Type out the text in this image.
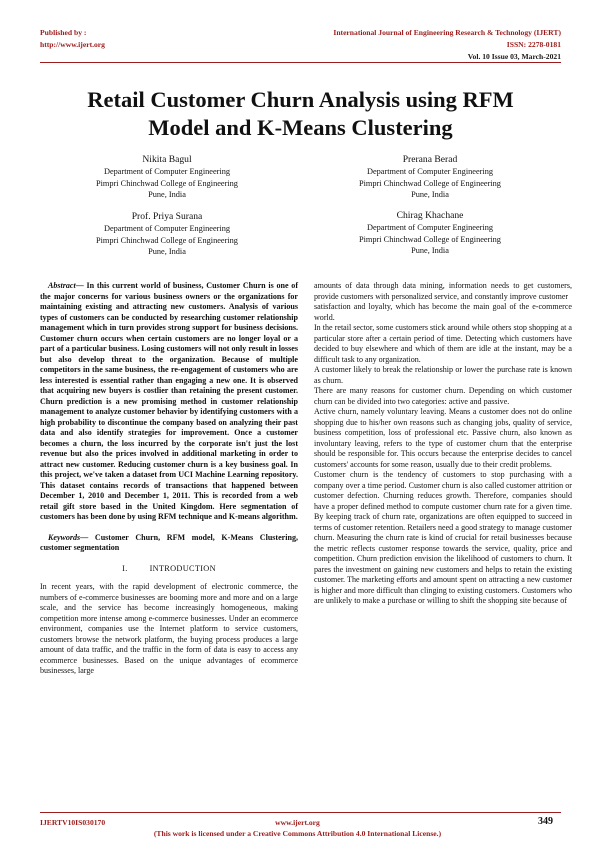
Published by :
http://www.ijert.org
International Journal of Engineering Research & Technology (IJERT)
ISSN: 2278-0181
Vol. 10 Issue 03, March-2021
Retail Customer Churn Analysis using RFM
Model and K-Means Clustering
Nikita Bagul
Department of Computer Engineering
Pimpri Chinchwad College of Engineering
Pune, India
Prof. Priya Surana
Department of Computer Engineering
Pimpri Chinchwad College of Engineering
Pune, India
Prerana Berad
Department of Computer Engineering
Pimpri Chinchwad College of Engineering
Pune, India
Chirag Khachane
Department of Computer Engineering
Pimpri Chinchwad College of Engineering
Pune, India

Abstract— In this current world of business, Customer Churn is one of the major concerns for various business owners or the organizations for maintaining existing and attracting new customers. Analysis of various types of customers can be conducted by researching customer relationship management which in turn provides strong support for business decisions. Customer churn occurs when certain customers are no longer loyal or a part of a particular business. Losing customers will not only result in losses but also develop threat to the organization. Because of multiple competitors in the same business, the re-engagement of customers who are less interested is essential rather than engaging a new one. It is observed that acquiring new buyers is costlier than retaining the present customer. Churn prediction is a new promising method in customer relationship management to analyze customer behavior by identifying customers with a high probability to discontinue the company based on analyzing their past data and also identify strategies for improvement. Once a customer becomes a churn, the loss incurred by the corporate isn't just the lost revenue but also the prices involved in additional marketing in order to attract new customer. Reducing customer churn is a key business goal. In this project, we've taken a dataset from UCI Machine Learning repository. This dataset contains records of transactions that happened between December 1, 2010 and December 1, 2011. This is recorded from a web retail gift store based in the United Kingdom. Here segmentation of customers has been done by using RFM technique and K-means algorithm.

Keywords— Customer Churn, RFM model, K-Means Clustering, customer segmentation

I.	INTRODUCTION

In recent years, with the rapid development of electronic commerce, the numbers of e-commerce businesses are booming more and more and on a large scale, and the service has become increasingly homogeneous, making competition more intense among e-commerce businesses. Under an ecommerce environment, companies use the Internet platform to service customers, customers browse the network platform, the buying process produces a large amount of data traffic, and the traffic in the form of data is easy to access any ecommerce businesses. Based on the unique advantages of ecommerce businesses, large

amounts of data through data mining, information needs to get customers, provide customers with personalized service, and constantly improve customer

satisfaction and loyalty, which has become the main goal of the e-commerce world.

In the retail sector, some customers stick around while others stop shopping at a particular store after a certain period of time. Detecting which customers have decided to buy elsewhere and which of them are idle at the instant, may be a difficult task to any organization.

A customer likely to break the relationship or lower the purchase rate is known as churn.

There are many reasons for customer churn. Depending on which customer churn can be divided into two categories: active and passive.

Active churn, namely voluntary leaving. Means a customer does not do online shopping due to his/her own reasons such as changing jobs, quality of service, business competition, loss of professional etc. Passive churn, also known as involuntary leaving, refers to the type of customer churn that the enterprise should be responsible for. This occurs because the enterprise decides to cancel customers' accounts for some reason, usually due to their credit problems.

Customer churn is the tendency of customers to stop purchasing with a company over a time period. Customer churn is also called customer attrition or customer defection. Churning reduces growth. Therefore, companies should have a proper defined method to compute customer churn rate for a given time. By keeping track of churn rate, organizations are often equipped to succeed in terms of customer retention. Retailers need a good strategy to manage customer churn. Measuring the churn rate is kind of crucial for retail businesses because the metric reflects customer response towards the service, quality, price and competition. Churn prediction envision the likelihood of customers to churn. It pares the investment on gaining new customers and helps to retain the existing customer. The marketing efforts and amount spent on attracting a new customer is higher and more difficult than clinging to existing customers. Customers who are unlikely to make a purchase or willing to shift the shopping site because of

IJERTV10IS030170	www.ijert.org	349
(This work is licensed under a Creative Commons Attribution 4.0 International License.)
